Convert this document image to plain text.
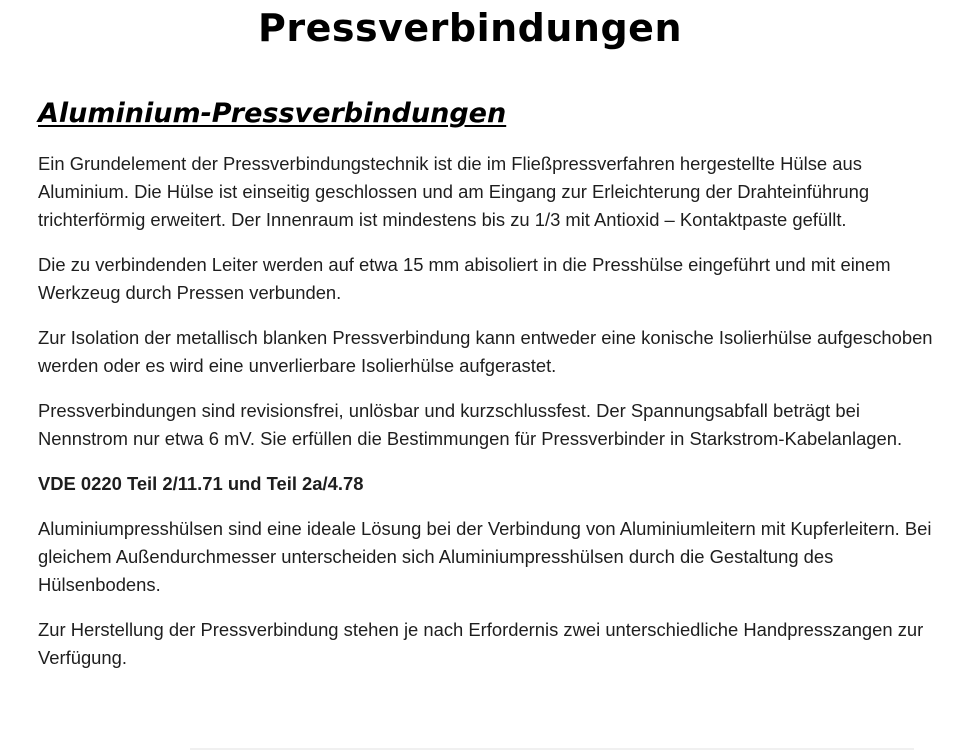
Pressverbindungen
Aluminium-Pressverbindungen

Ein Grundelement der Pressverbindungstechnik ist die im Fließpressverfahren hergestellte Hülse aus Aluminium. Die Hülse ist einseitig geschlossen und am Eingang zur Erleichterung der Drahteinführung trichterförmig erweitert. Der Innenraum ist mindestens bis zu 1/3 mit Antioxid – Kontaktpaste gefüllt.

Die zu verbindenden Leiter werden auf etwa 15 mm abisoliert in die Presshülse eingeführt und mit einem Werkzeug durch Pressen verbunden.

Zur Isolation der metallisch blanken Pressverbindung kann entweder eine konische Isolierhülse aufgeschoben werden oder es wird eine unverlierbare Isolierhülse aufgerastet.

Pressverbindungen sind revisionsfrei, unlösbar und kurzschlussfest. Der Spannungsabfall beträgt bei Nennstrom nur etwa 6 mV. Sie erfüllen die Bestimmungen für Pressverbinder in Starkstrom-Kabelanlagen.

VDE 0220 Teil 2/11.71 und Teil 2a/4.78

Aluminiumpresshülsen sind eine ideale Lösung bei der Verbindung von Aluminiumleitern mit Kupferleitern. Bei gleichem Außendurchmesser unterscheiden sich Aluminiumpresshülsen durch die Gestaltung des Hülsenbodens.

Zur Herstellung der Pressverbindung stehen je nach Erfordernis zwei unterschiedliche Handpresszangen zur Verfügung.
